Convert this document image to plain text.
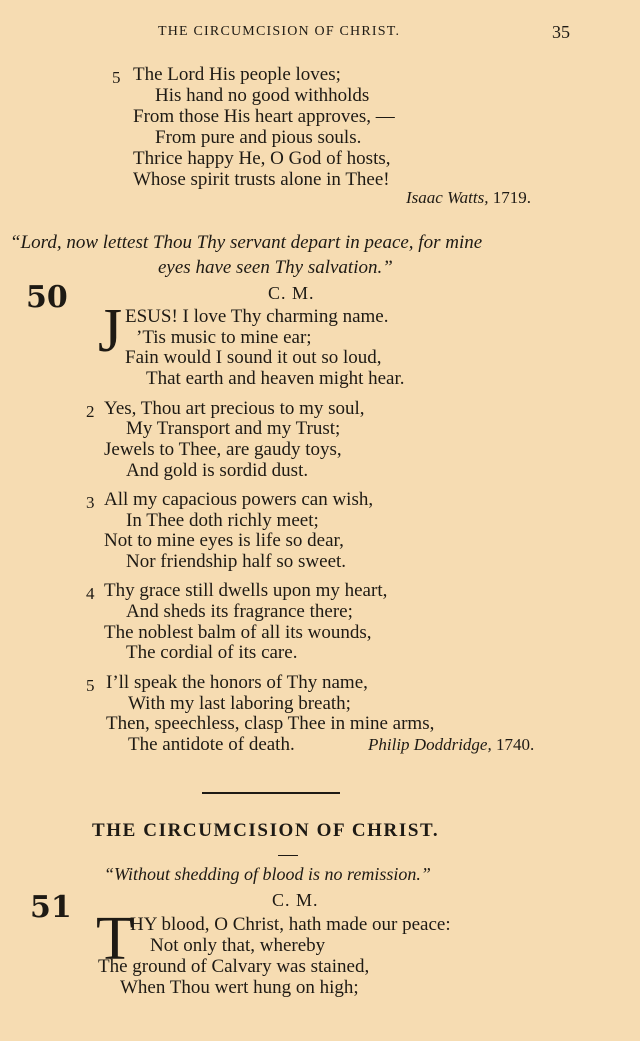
THE CIRCUMCISION OF CHRIST.	35
5 The Lord His people loves;
His hand no good withholds
From those His heart approves, —
From pure and pious souls.
Thrice happy He, O God of hosts,
Whose spirit trusts alone in Thee!
Isaac Watts, 1719.
“Lord, now lettest Thou Thy servant depart in peace, for mine
eyes have seen Thy salvation.”
50	C. M.
J ESUS! I love Thy charming name.
’Tis music to mine ear;
Fain would I sound it out so loud,
That earth and heaven might hear.
2 Yes, Thou art precious to my soul,
My Transport and my Trust;
Jewels to Thee, are gaudy toys,
And gold is sordid dust.
3 All my capacious powers can wish,
In Thee doth richly meet;
Not to mine eyes is life so dear,
Nor friendship half so sweet.
4 Thy grace still dwells upon my heart,
And sheds its fragrance there;
The noblest balm of all its wounds,
The cordial of its care.
5 I’ll speak the honors of Thy name,
With my last laboring breath;
Then, speechless, clasp Thee in mine arms,
The antidote of death.	Philip Doddridge, 1740.
THE CIRCUMCISION OF CHRIST.
“Without shedding of blood is no remission.”
51	C. M.
T
HY blood, O Christ, hath made our peace:
Not only that, whereby
The ground of Calvary was stained,
When Thou wert hung on high;
